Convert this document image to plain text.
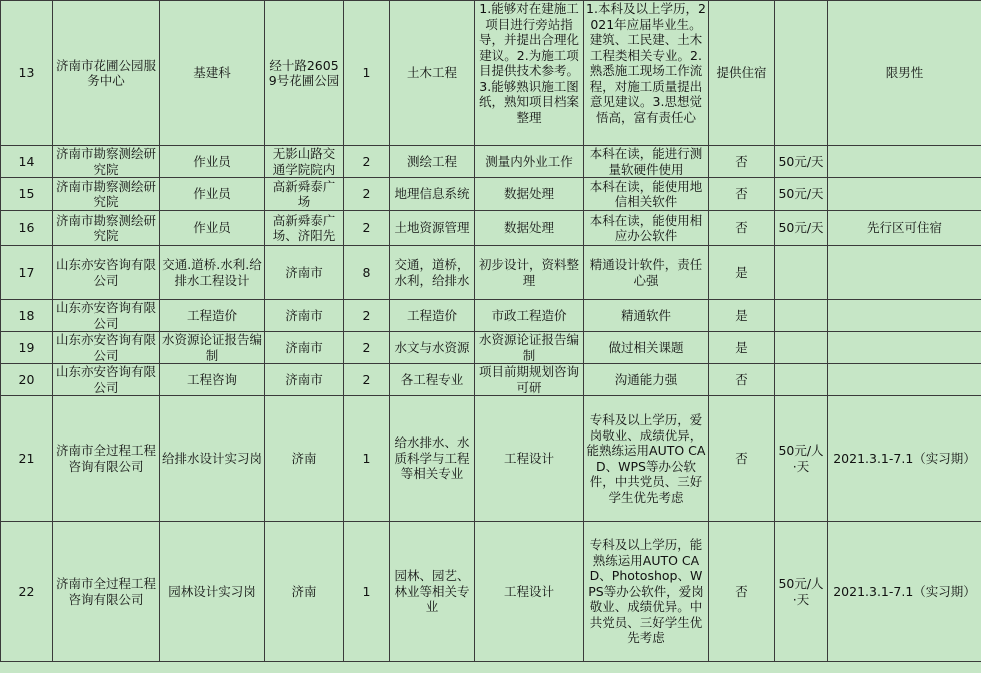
13	济南市花圃公园服务中心	基建科	经十路26059号花圃公园	1	土木工程	1.能够对在建施工项目进行旁站指导，并提出合理化建议。2.为施工项目提供技术参考。3.能够熟识施工图纸，熟知项目档案整理	1.本科及以上学历，2021年应届毕业生。建筑、工民建、土木工程类相关专业。2.熟悉施工现场工作流程，对施工质量提出意见建议。3.思想觉悟高，富有责任心	提供住宿		限男性
14	济南市勘察测绘研究院	作业员	无影山路交通学院院内	2	测绘工程	测量内外业工作	本科在读，能进行测量软硬件使用	否	50元/天	
15	济南市勘察测绘研究院	作业员	高新舜泰广场	2	地理信息系统	数据处理	本科在读，能使用地信相关软件	否	50元/天	
16	济南市勘察测绘研究院	作业员	高新舜泰广场、济阳先	2	土地资源管理	数据处理	本科在读，能使用相应办公软件	否	50元/天	先行区可住宿
17	山东亦安咨询有限公司	交通.道桥.水利.给排水工程设计	济南市	8	交通，道桥，水利，给排水	初步设计，资料整理	精通设计软件，责任心强	是		
18	山东亦安咨询有限公司	工程造价	济南市	2	工程造价	市政工程造价	精通软件	是		
19	山东亦安咨询有限公司	水资源论证报告编制	济南市	2	水文与水资源	水资源论证报告编制	做过相关课题	是		
20	山东亦安咨询有限公司	工程咨询	济南市	2	各工程专业	项目前期规划咨询可研	沟通能力强	否		
21	济南市全过程工程咨询有限公司	给排水设计实习岗	济南	1	给水排水、水质科学与工程等相关专业	工程设计	专科及以上学历，爱岗敬业、成绩优异，能熟练运用AUTO CAD、WPS等办公软件，中共党员、三好学生优先考虑	否	50元/人·天	2021.3.1-7.1（实习期）
22	济南市全过程工程咨询有限公司	园林设计实习岗	济南	1	园林、园艺、林业等相关专业	工程设计	专科及以上学历，能熟练运用AUTO CAD、Photoshop、WPS等办公软件，爱岗敬业、成绩优异。中共党员、三好学生优先考虑	否	50元/人·天	2021.3.1-7.1（实习期）
